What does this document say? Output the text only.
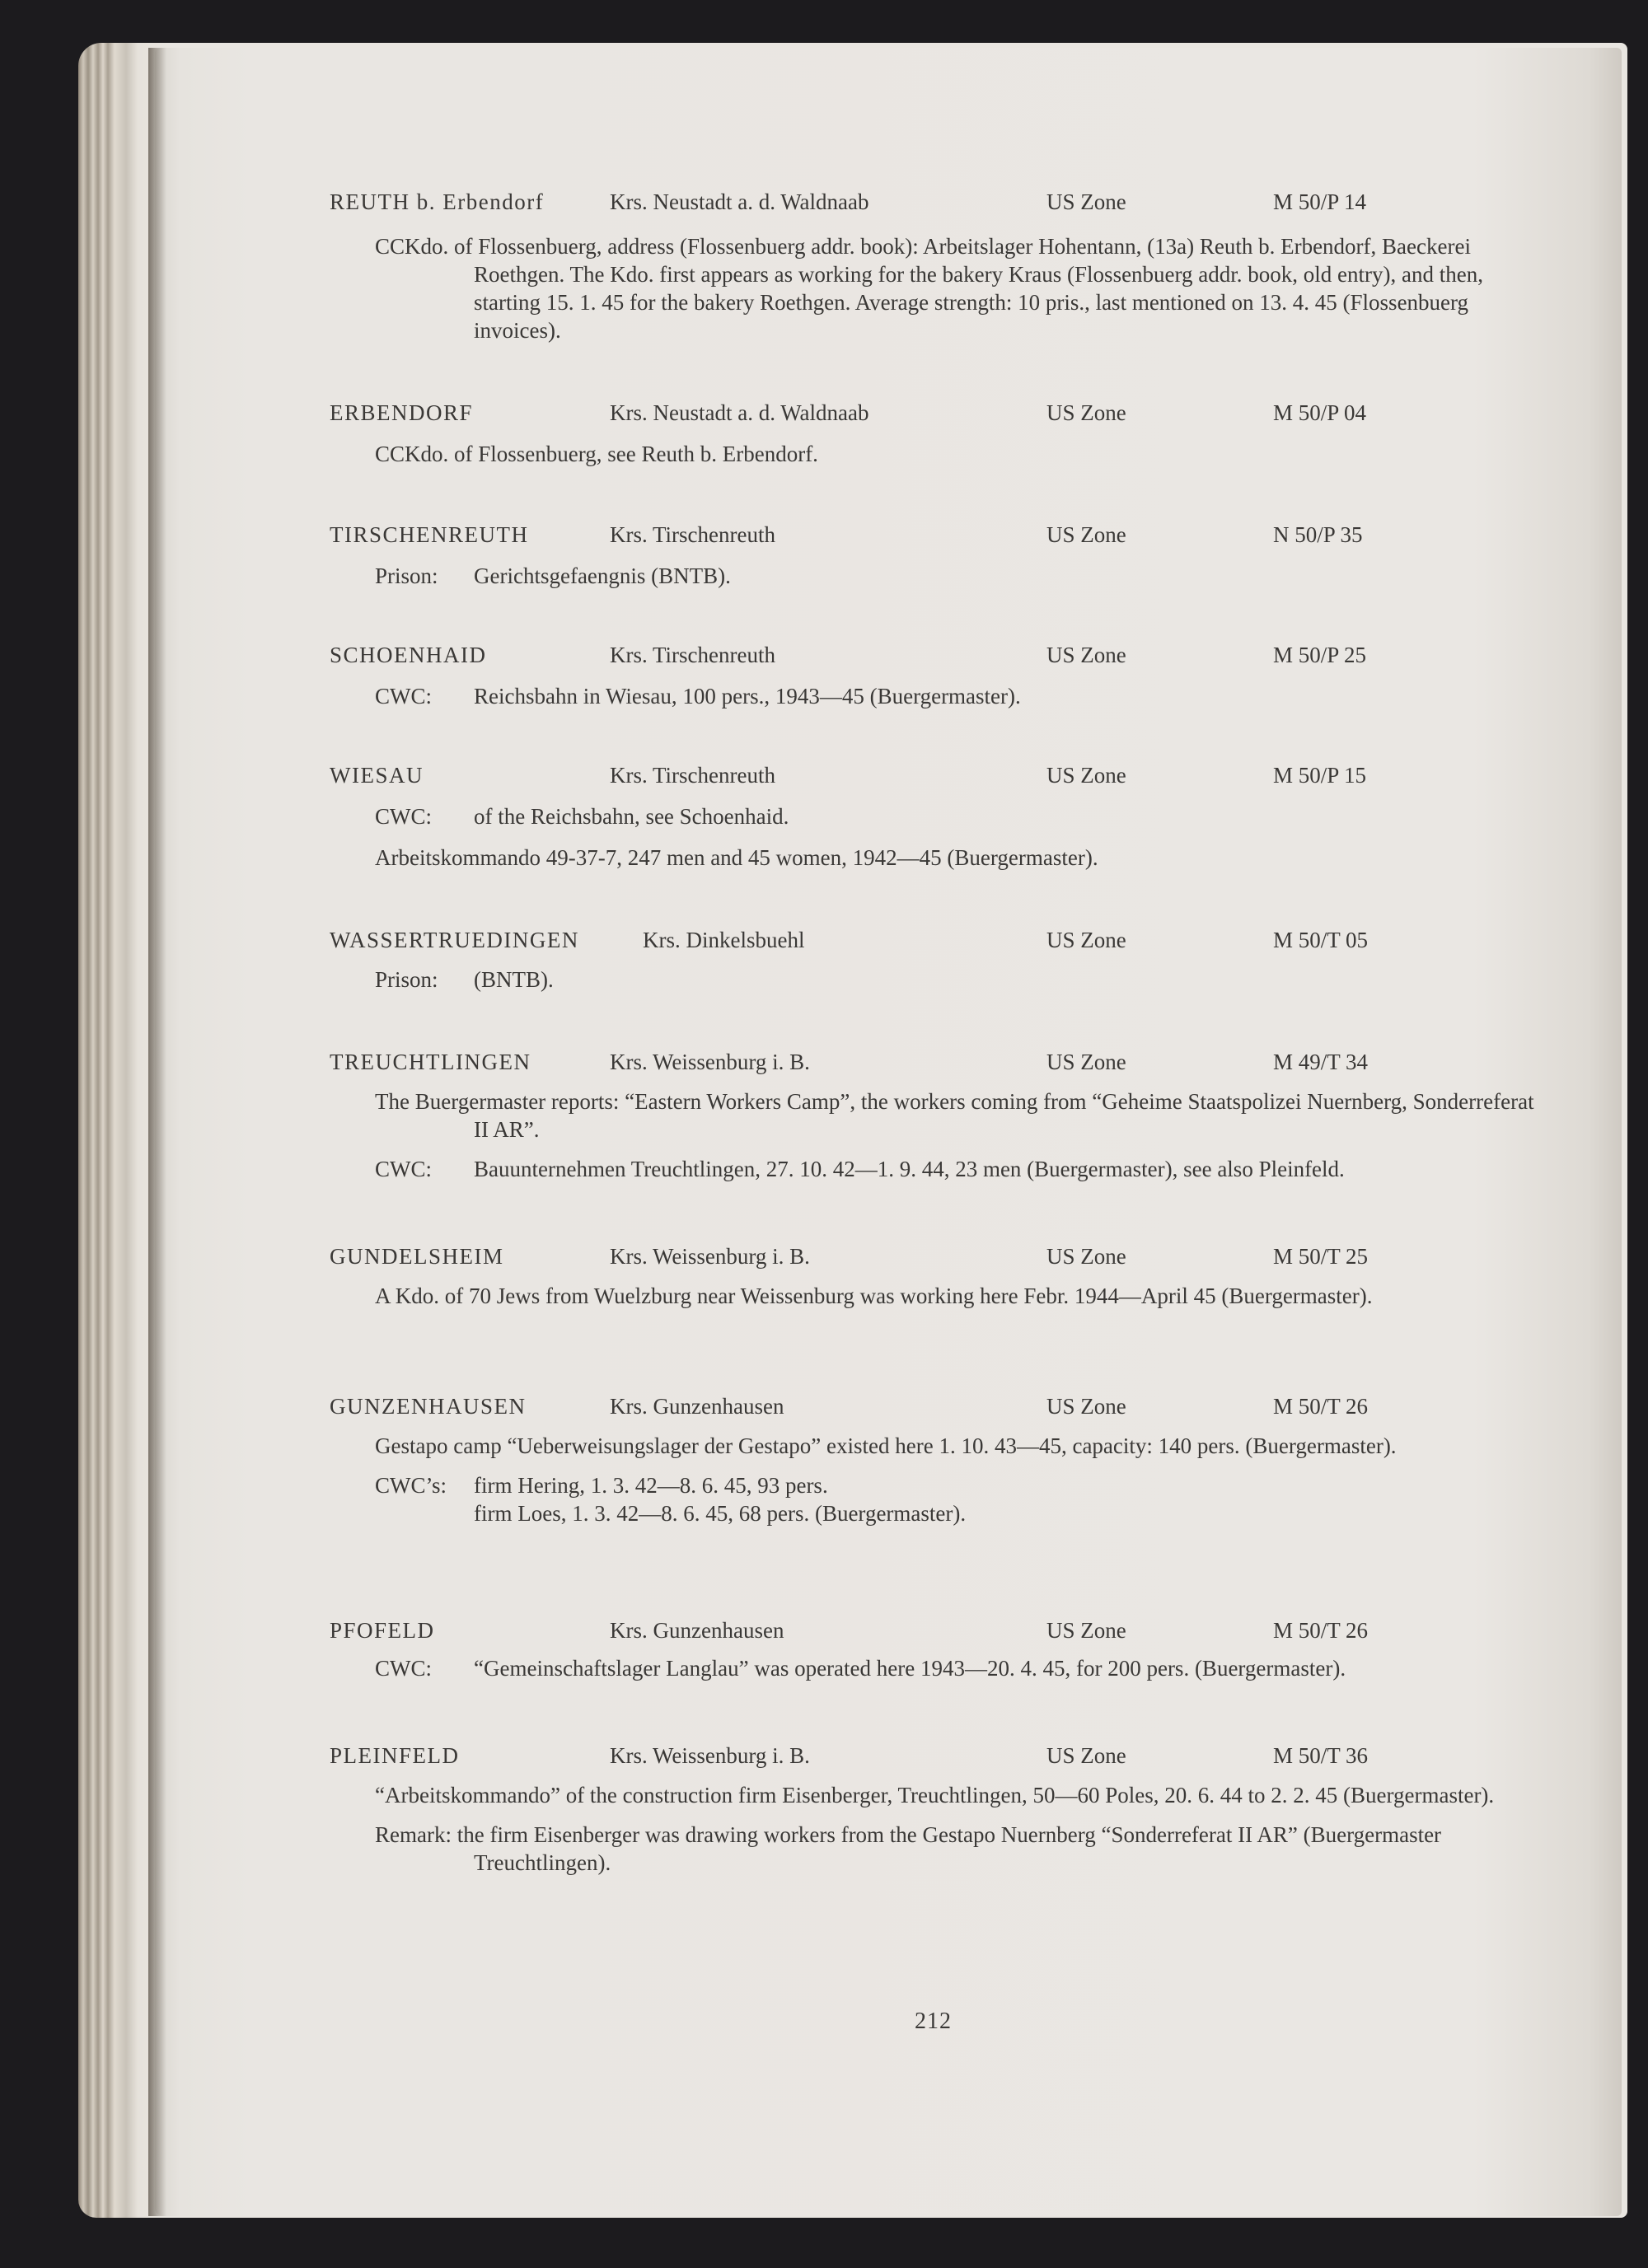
REUTH b. Erbendorf	Krs. Neustadt a. d. Waldnaab	US Zone	M 50/P 14
CCKdo. of Flossenbuerg, address (Flossenbuerg addr. book): Arbeitslager Hohentann, (13a) Reuth b. Erbendorf, Baeckerei Roethgen. The Kdo. first appears as working for the bakery Kraus (Flossenbuerg addr. book, old entry), and then, starting 15. 1. 45 for the bakery Roethgen. Average strength: 10 pris., last mentioned on 13. 4. 45 (Flossenbuerg invoices).
ERBENDORF	Krs. Neustadt a. d. Waldnaab	US Zone	M 50/P 04
CCKdo. of Flossenbuerg, see Reuth b. Erbendorf.
TIRSCHENREUTH	Krs. Tirschenreuth	US Zone	N 50/P 35
Prison: Gerichtsgefaengnis (BNTB).
SCHOENHAID	Krs. Tirschenreuth	US Zone	M 50/P 25
CWC: Reichsbahn in Wiesau, 100 pers., 1943—45 (Buergermaster).
WIESAU	Krs. Tirschenreuth	US Zone	M 50/P 15
CWC: of the Reichsbahn, see Schoenhaid.
Arbeitskommando 49-37-7, 247 men and 45 women, 1942—45 (Buergermaster).
WASSERTRUEDINGEN	Krs. Dinkelsbuehl	US Zone	M 50/T 05
Prison: (BNTB).
TREUCHTLINGEN	Krs. Weissenburg i. B.	US Zone	M 49/T 34
The Buergermaster reports: “Eastern Workers Camp”, the workers coming from “Geheime Staatspolizei Nuernberg, Sonderreferat II AR”.
CWC: Bauunternehmen Treuchtlingen, 27. 10. 42—1. 9. 44, 23 men (Buergermaster), see also Pleinfeld.
GUNDELSHEIM	Krs. Weissenburg i. B.	US Zone	M 50/T 25
A Kdo. of 70 Jews from Wuelzburg near Weissenburg was working here Febr. 1944—April 45 (Buergermaster).
GUNZENHAUSEN	Krs. Gunzenhausen	US Zone	M 50/T 26
Gestapo camp “Ueberweisungslager der Gestapo” existed here 1. 10. 43—45, capacity: 140 pers. (Buergermaster).
CWC’s: firm Hering, 1. 3. 42—8. 6. 45, 93 pers.
firm Loes, 1. 3. 42—8. 6. 45, 68 pers. (Buergermaster).
PFOFELD	Krs. Gunzenhausen	US Zone	M 50/T 26
CWC: “Gemeinschaftslager Langlau” was operated here 1943—20. 4. 45, for 200 pers. (Buergermaster).
PLEINFELD	Krs. Weissenburg i. B.	US Zone	M 50/T 36
“Arbeitskommando” of the construction firm Eisenberger, Treuchtlingen, 50—60 Poles, 20. 6. 44 to 2. 2. 45 (Buergermaster).
Remark: the firm Eisenberger was drawing workers from the Gestapo Nuernberg “Sonderreferat II AR” (Buergermaster Treuchtlingen).
212
